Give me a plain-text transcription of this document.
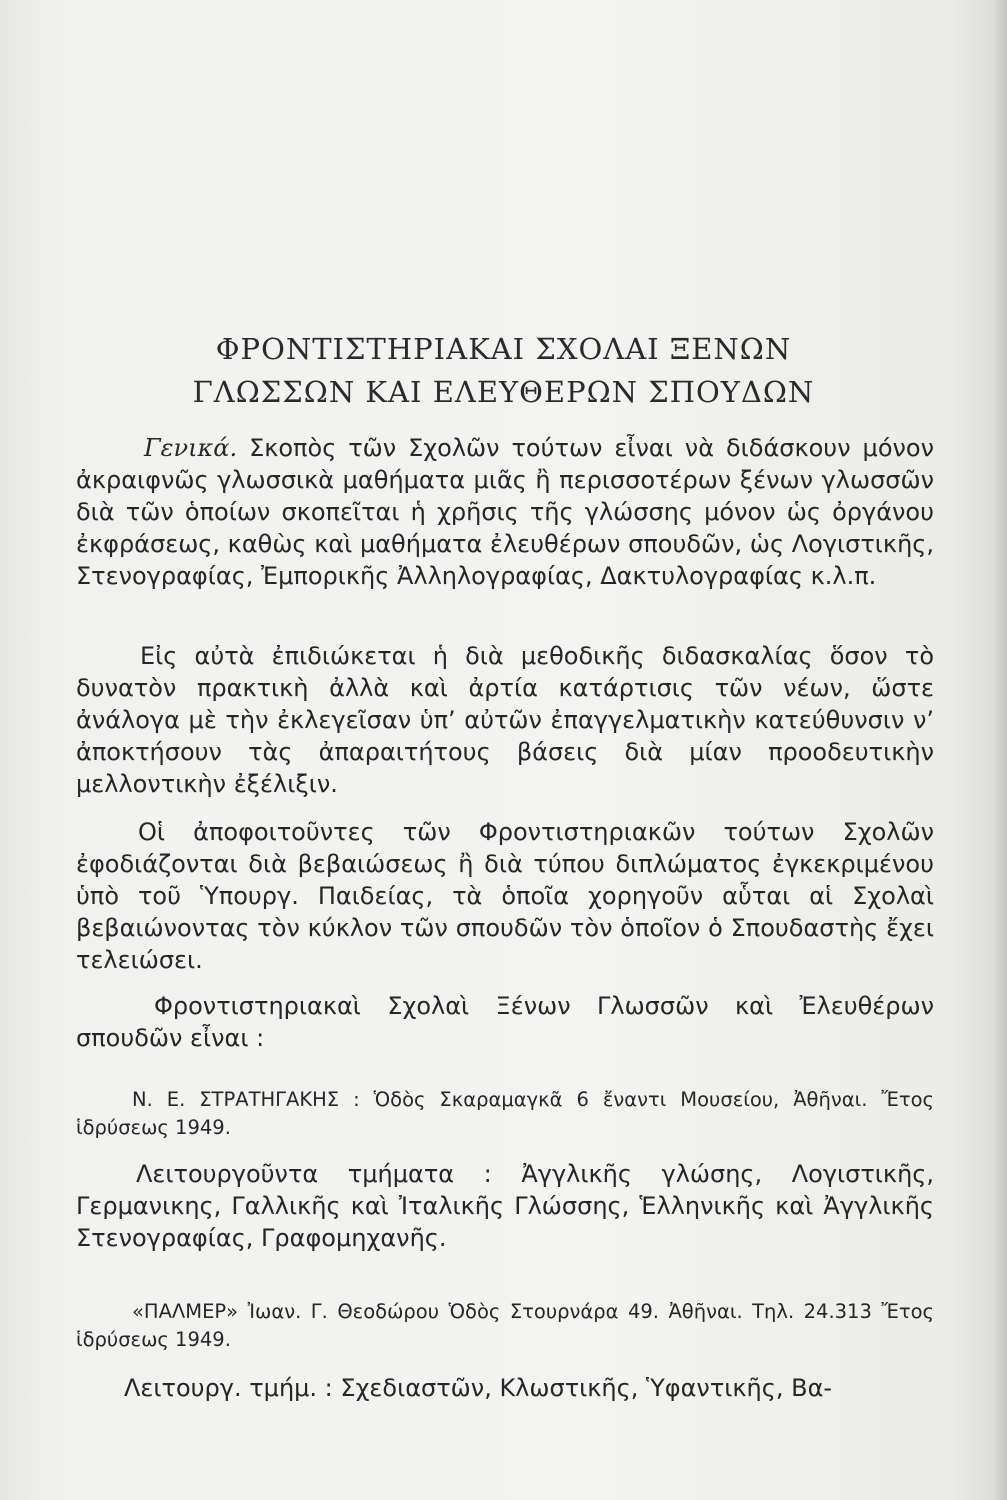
ΦΡΟΝΤΙΣΤΗΡΙΑΚΑΙ ΣΧΟΛΑΙ ΞΕΝΩΝ
ΓΛΩΣΣΩΝ ΚΑΙ ΕΛΕΥΘΕΡΩΝ ΣΠΟΥΔΩΝ

Γενικά. Σκοπὸς τῶν Σχολῶν τούτων εἶναι νὰ διδάσκουν μόνον ἀκραιφνῶς γλωσσικὰ μαθήματα μιᾶς ἢ περισσοτέρων ξένων γλωσσῶν διὰ τῶν ὁποίων σκοπεῖται ἡ χρῆσις τῆς γλώσσης μόνον ὡς ὀργάνου ἐκφράσεως, καθὼς καὶ μαθήματα ἐλευθέρων σπουδῶν, ὡς Λογιστικῆς, Στενογραφίας, Ἐμπορικῆς Ἀλληλογραφίας, Δακτυλογραφίας κ.λ.π.

Εἰς αὐτὰ ἐπιδιώκεται ἡ διὰ μεθοδικῆς διδασκαλίας ὅσον τὸ δυνατὸν πρακτικὴ ἀλλὰ καὶ ἀρτία κατάρτισις τῶν νέων, ὥστε ἀνάλογα μὲ τὴν ἐκλεγεῖσαν ὑπ’ αὐτῶν ἐπαγγελματικὴν κατεύθυνσιν ν’ ἀποκτήσουν τὰς ἀπαραιτήτους βάσεις διὰ μίαν προοδευτικὴν μελλοντικὴν ἐξέλιξιν.

Οἱ ἀποφοιτοῦντες τῶν Φροντιστηριακῶν τούτων Σχολῶν ἐφοδιάζονται διὰ βεβαιώσεως ἢ διὰ τύπου διπλώματος ἐγκεκριμένου ὑπὸ τοῦ Ὑπουργ. Παιδείας, τὰ ὁποῖα χορηγοῦν αὗται αἱ Σχολαὶ βεβαιώνοντας τὸν κύκλον τῶν σπουδῶν τὸν ὁποῖον ὁ Σπουδαστὴς ἔχει τελειώσει.

Φροντιστηριακαὶ Σχολαὶ Ξένων Γλωσσῶν καὶ Ἐλευθέρων σπουδῶν εἶναι :

Ν. Ε. ΣΤΡΑΤΗΓΑΚΗΣ : Ὁδὸς Σκαραμαγκᾶ 6 ἔναντι Μουσείου, Ἀθῆναι. Ἔτος ἱδρύσεως 1949.

Λειτουργοῦντα τμήματα : Ἀγγλικῆς γλώσης, Λογιστικῆς, Γερμανικης, Γαλλικῆς καὶ Ἰταλικῆς Γλώσσης, Ἑλληνικῆς καὶ Ἀγγλικῆς Στενογραφίας, Γραφομηχανῆς.

«ΠΑΛΜΕΡ» Ἰωαν. Γ. Θεοδώρου Ὁδὸς Στουρνάρα 49. Ἀθῆναι. Τηλ. 24.313 Ἔτος ἱδρύσεως 1949.

Λειτουργ. τμήμ. : Σχεδιαστῶν, Κλωστικῆς, Ὑφαντικῆς, Βα-
